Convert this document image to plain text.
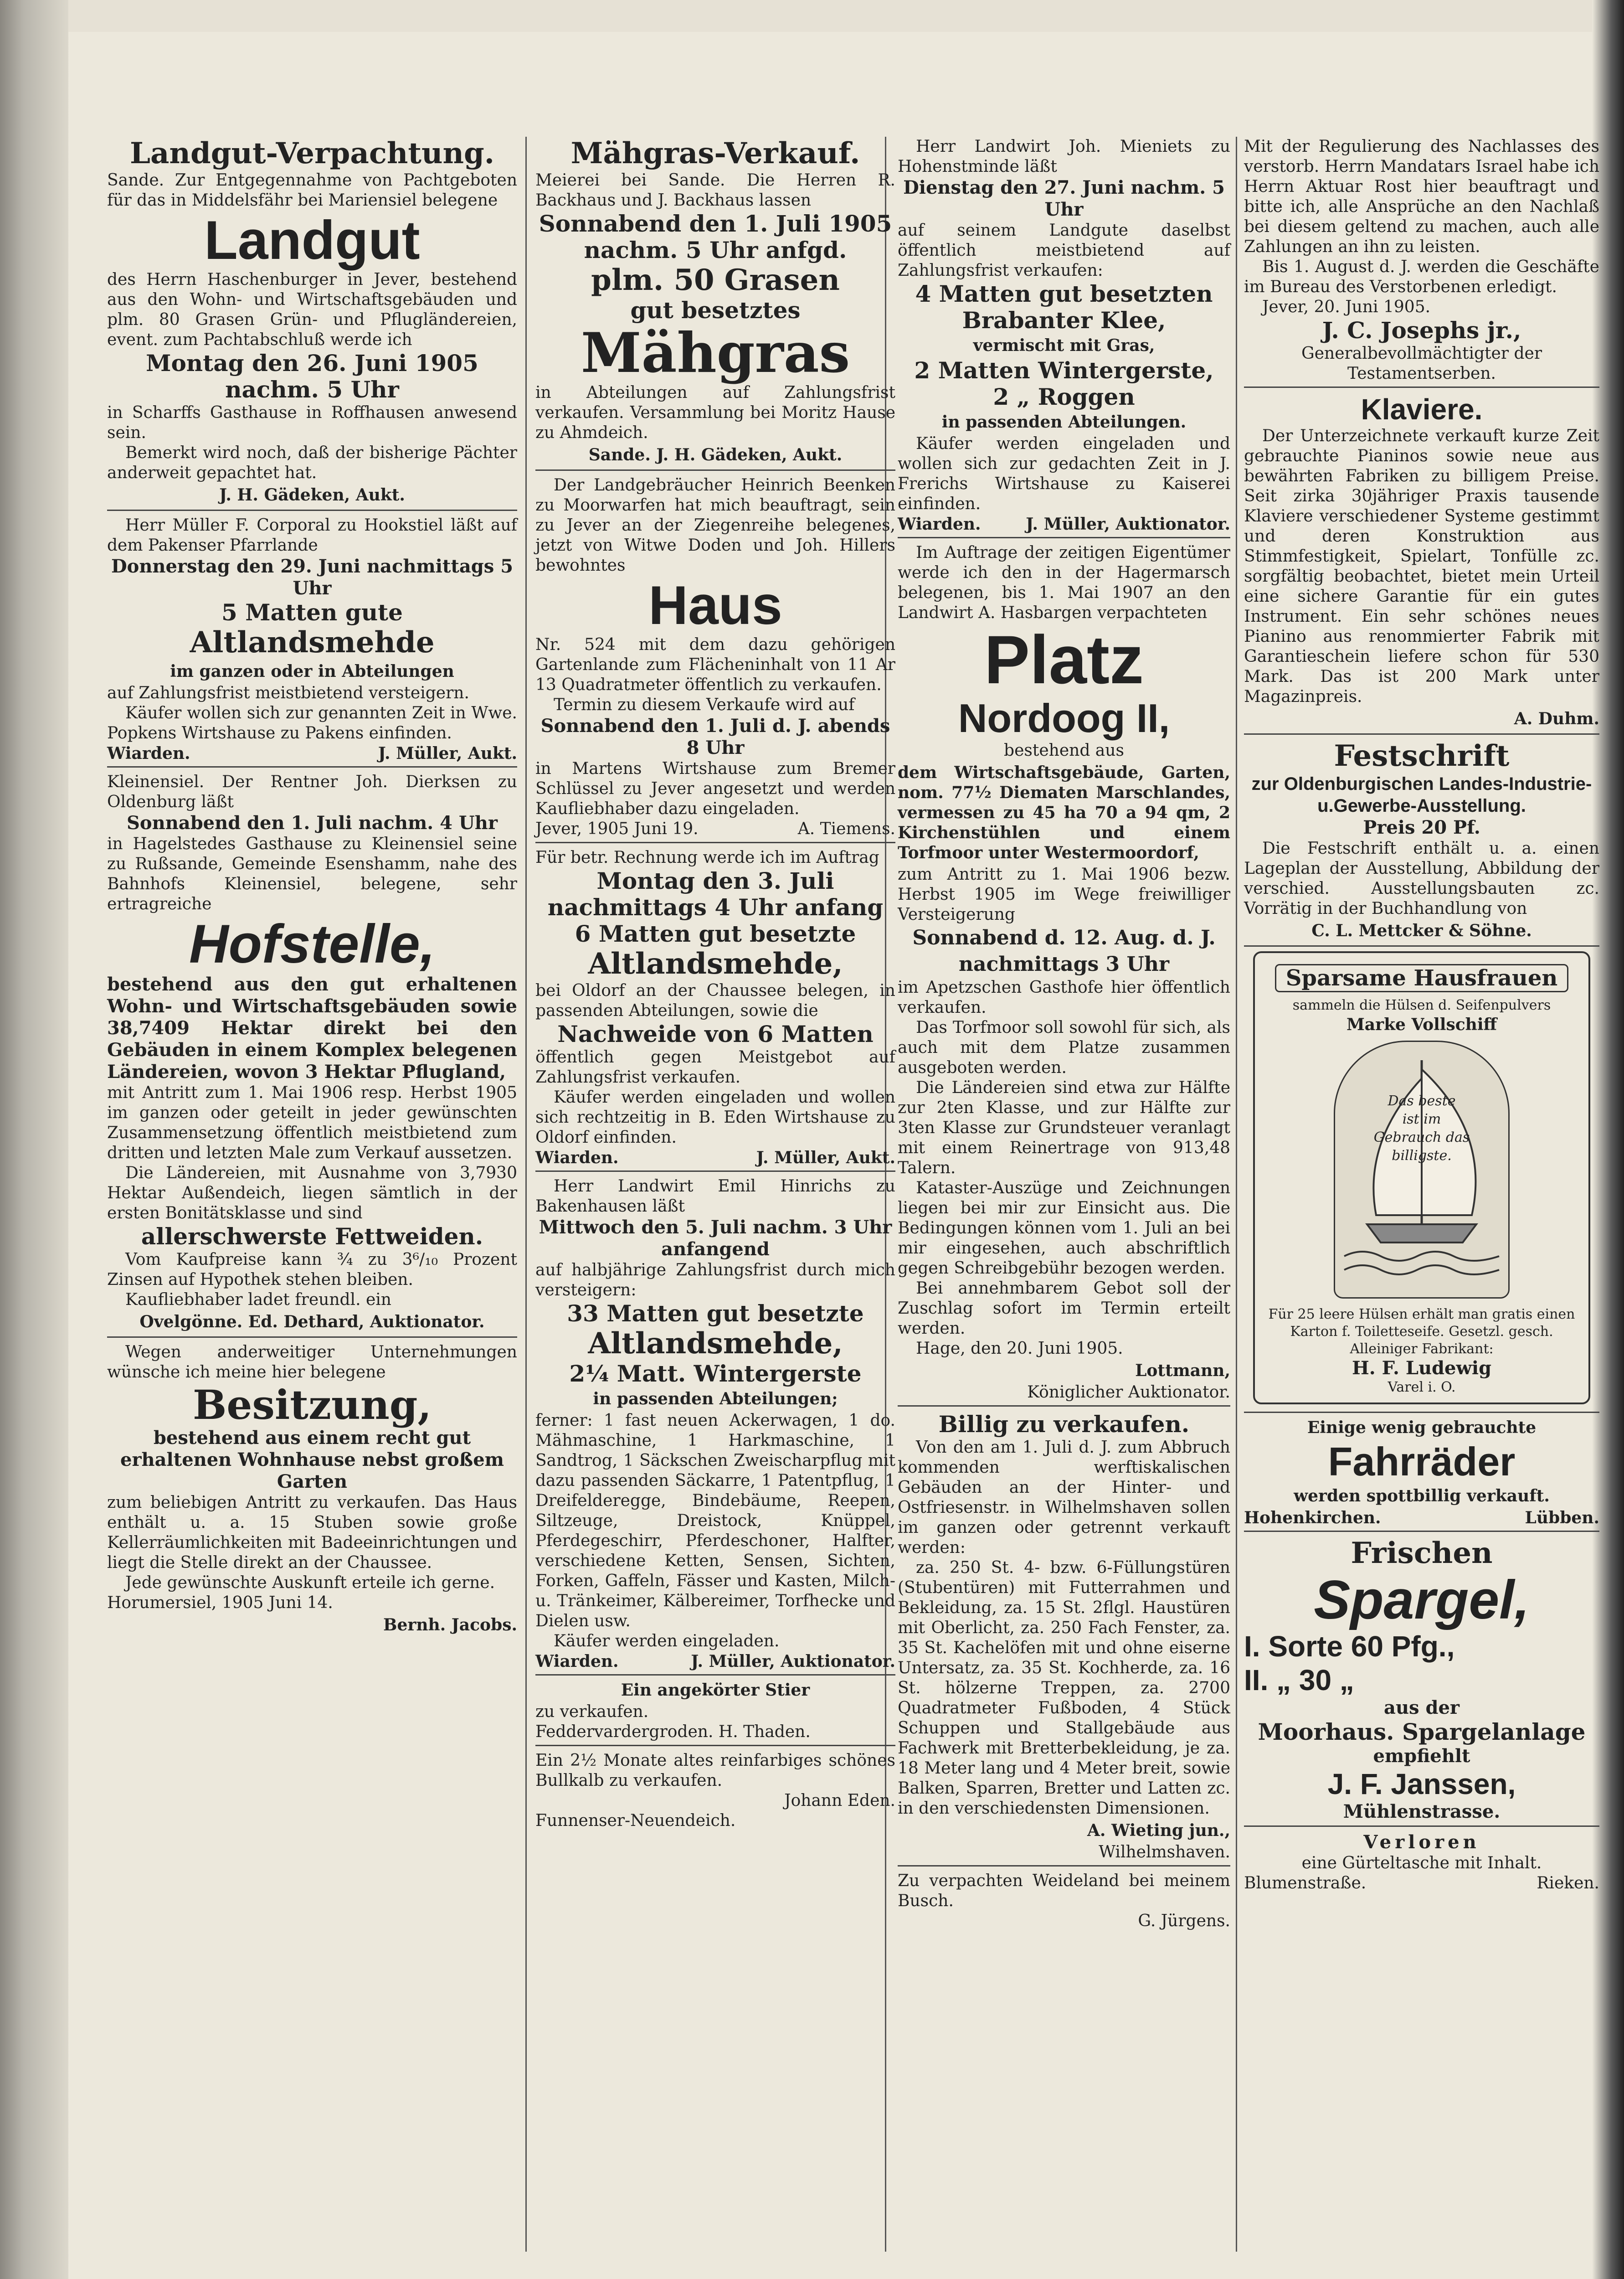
Landgut-Verpachtung.
Sande. Zur Entgegennahme von Pachtgeboten für das in Middelsfähr bei Mariensiel belegene
Landgut
des Herrn Haschenburger in Jever, bestehend aus den Wohn- und Wirtschaftsgebäuden und plm. 80 Grasen Grün- und Pflugländereien, event. zum Pachtabschluß werde ich
Montag den 26. Juni 1905
nachm. 5 Uhr
in Scharffs Gasthause in Roffhausen anwesend sein.
Bemerkt wird noch, daß der bisherige Pächter anderweit gepachtet hat.
J. H. Gädeken, Aukt.
Herr Müller F. Corporal zu Hookstiel läßt auf dem Pakenser Pfarrlande
Donnerstag den 29. Juni nachmittags 5 Uhr
5 Matten gute
Altlandsmehde
im ganzen oder in Abteilungen
auf Zahlungsfrist meistbietend versteigern.
Käufer wollen sich zur genannten Zeit in Wwe. Popkens Wirtshause zu Pakens einfinden.
Wiarden.	J. Müller, Aukt.
Kleinensiel. Der Rentner Joh. Dierksen zu Oldenburg läßt
Sonnabend den 1. Juli nachm. 4 Uhr
in Hagelstedes Gasthause zu Kleinensiel seine zu Rußsande, Gemeinde Esenshamm, nahe des Bahnhofs Kleinensiel, belegene, sehr ertragreiche
Hofstelle,
bestehend aus den gut erhaltenen Wohn- und Wirtschaftsgebäuden sowie 38,7409 Hektar direkt bei den Gebäuden in einem Komplex belegenen Ländereien, wovon 3 Hektar Pflugland,
mit Antritt zum 1. Mai 1906 resp. Herbst 1905 im ganzen oder geteilt in jeder gewünschten Zusammensetzung öffentlich meistbietend zum dritten und letzten Male zum Verkauf aussetzen.
Die Ländereien, mit Ausnahme von 3,7930 Hektar Außendeich, liegen sämtlich in der ersten Bonitätsklasse und sind
allerschwerste Fettweiden.
Vom Kaufpreise kann ¾ zu 3⁶/₁₀ Prozent Zinsen auf Hypothek stehen bleiben.
Kaufliebhaber ladet freundl. ein
Ovelgönne. Ed. Dethard, Auktionator.
Wegen anderweitiger Unternehmungen wünsche ich meine hier belegene
Besitzung,
bestehend aus einem recht gut erhaltenen Wohnhause nebst großem Garten
zum beliebigen Antritt zu verkaufen. Das Haus enthält u. a. 15 Stuben sowie große Kellerräumlichkeiten mit Badeeinrichtungen und liegt die Stelle direkt an der Chaussee.
Jede gewünschte Auskunft erteile ich gerne.
Horumersiel, 1905 Juni 14.
Bernh. Jacobs.
Mähgras-Verkauf.
Meierei bei Sande. Die Herren R. Backhaus und J. Backhaus lassen
Sonnabend den 1. Juli 1905
nachm. 5 Uhr anfgd.
plm. 50 Grasen
gut besetztes
Mähgras
in Abteilungen auf Zahlungsfrist verkaufen. Versammlung bei Moritz Hause zu Ahmdeich.
Sande. J. H. Gädeken, Aukt.
Der Landgebräucher Heinrich Beenken zu Moorwarfen hat mich beauftragt, sein zu Jever an der Ziegenreihe belegenes, jetzt von Witwe Doden und Joh. Hillers bewohntes
Haus
Nr. 524 mit dem dazu gehörigen Gartenlande zum Flächeninhalt von 11 Ar 13 Quadratmeter öffentlich zu verkaufen.
Termin zu diesem Verkaufe wird auf
Sonnabend den 1. Juli d. J. abends 8 Uhr
in Martens Wirtshause zum Bremer Schlüssel zu Jever angesetzt und werden Kaufliebhaber dazu eingeladen.
Jever, 1905 Juni 19.	A. Tiemens.
Für betr. Rechnung werde ich im Auftrag
Montag den 3. Juli
nachmittags 4 Uhr anfang
6 Matten gut besetzte
Altlandsmehde,
bei Oldorf an der Chaussee belegen, in passenden Abteilungen, sowie die
Nachweide von 6 Matten
öffentlich gegen Meistgebot auf Zahlungsfrist verkaufen.
Käufer werden eingeladen und wollen sich rechtzeitig in B. Eden Wirtshause zu Oldorf einfinden.
Wiarden.	J. Müller, Aukt.
Herr Landwirt Emil Hinrichs zu Bakenhausen läßt
Mittwoch den 5. Juli nachm. 3 Uhr anfangend
auf halbjährige Zahlungsfrist durch mich versteigern:
33 Matten gut besetzte
Altlandsmehde,
2¼ Matt. Wintergerste
in passenden Abteilungen;
ferner: 1 fast neuen Ackerwagen, 1 do. Mähmaschine, 1 Harkmaschine, 1 Sandtrog, 1 Säckschen Zweischarpflug mit dazu passenden Säckarre, 1 Patentpflug, 1 Dreifelderegge, Bindebäume, Reepen, Siltzeuge, Dreistock, Knüppel, Pferdegeschirr, Pferdeschoner, Halfter, verschiedene Ketten, Sensen, Sichten, Forken, Gaffeln, Fässer und Kasten, Milch- u. Tränkeimer, Kälbereimer, Torfhecke und Dielen usw.
Käufer werden eingeladen.
Wiarden.	J. Müller, Auktionator.
Ein angekörter Stier
zu verkaufen.
Feddervardergroden. H. Thaden.
Ein 2½ Monate altes reinfarbiges schönes Bullkalb zu verkaufen.
Johann Eden.
Funnenser-Neuendeich.
Herr Landwirt Joh. Mieniets zu Hohenstminde läßt
Dienstag den 27. Juni nachm. 5 Uhr
auf seinem Landgute daselbst öffentlich meistbietend auf Zahlungsfrist verkaufen:
4 Matten gut besetzten
Brabanter Klee,
vermischt mit Gras,
2 Matten Wintergerste,
2 „ Roggen
in passenden Abteilungen.
Käufer werden eingeladen und wollen sich zur gedachten Zeit in J. Frerichs Wirtshause zu Kaiserei einfinden.
Wiarden.	J. Müller, Auktionator.
Im Auftrage der zeitigen Eigentümer werde ich den in der Hagermarsch belegenen, bis 1. Mai 1907 an den Landwirt A. Hasbargen verpachteten
Platz
Nordoog II,
bestehend aus
dem Wirtschaftsgebäude, Garten, nom. 77½ Diematen Marschlandes, vermessen zu 45 ha 70 a 94 qm, 2 Kirchenstühlen und einem Torfmoor unter Westermoordorf,
zum Antritt zu 1. Mai 1906 bezw. Herbst 1905 im Wege freiwilliger Versteigerung
Sonnabend d. 12. Aug. d. J.
nachmittags 3 Uhr
im Apetzschen Gasthofe hier öffentlich verkaufen.
Das Torfmoor soll sowohl für sich, als auch mit dem Platze zusammen ausgeboten werden.
Die Ländereien sind etwa zur Hälfte zur 2ten Klasse, und zur Hälfte zur 3ten Klasse zur Grundsteuer veranlagt mit einem Reinertrage von 913,48 Talern.
Kataster-Auszüge und Zeichnungen liegen bei mir zur Einsicht aus. Die Bedingungen können vom 1. Juli an bei mir eingesehen, auch abschriftlich gegen Schreibgebühr bezogen werden.
Bei annehmbarem Gebot soll der Zuschlag sofort im Termin erteilt werden.
Hage, den 20. Juni 1905.
Lottmann,
Königlicher Auktionator.
Billig zu verkaufen.
Von den am 1. Juli d. J. zum Abbruch kommenden werftiskalischen Gebäuden an der Hinter- und Ostfriesenstr. in Wilhelmshaven sollen im ganzen oder getrennt verkauft werden:
za. 250 St. 4- bzw. 6-Füllungstüren (Stubentüren) mit Futterrahmen und Bekleidung, za. 15 St. 2flgl. Haustüren mit Oberlicht, za. 250 Fach Fenster, za. 35 St. Kachelöfen mit und ohne eiserne Untersatz, za. 35 St. Kochherde, za. 16 St. hölzerne Treppen, za. 2700 Quadratmeter Fußboden, 4 Stück Schuppen und Stallgebäude aus Fachwerk mit Bretterbekleidung, je za. 18 Meter lang und 4 Meter breit, sowie Balken, Sparren, Bretter und Latten zc. in den verschiedensten Dimensionen.
A. Wieting jun.,
Wilhelmshaven.
Zu verpachten Weideland bei meinem Busch.
G. Jürgens.
Mit der Regulierung des Nachlasses des verstorb. Herrn Mandatars Israel habe ich Herrn Aktuar Rost hier beauftragt und bitte ich, alle Ansprüche an den Nachlaß bei diesem geltend zu machen, auch alle Zahlungen an ihn zu leisten.
Bis 1. August d. J. werden die Geschäfte im Bureau des Verstorbenen erledigt.
Jever, 20. Juni 1905.
J. C. Josephs jr.,
Generalbevollmächtigter der Testamentserben.
Klaviere.
Der Unterzeichnete verkauft kurze Zeit gebrauchte Pianinos sowie neue aus bewährten Fabriken zu billigem Preise. Seit zirka 30jähriger Praxis tausende Klaviere verschiedener Systeme gestimmt und deren Konstruktion aus Stimmfestigkeit, Spielart, Tonfülle zc. sorgfältig beobachtet, bietet mein Urteil eine sichere Garantie für ein gutes Instrument. Ein sehr schönes neues Pianino aus renommierter Fabrik mit Garantieschein liefere schon für 530 Mark. Das ist 200 Mark unter Magazinpreis.
A. Duhm.
Festschrift
zur Oldenburgischen Landes-Industrie-u.Gewerbe-Ausstellung.
Preis 20 Pf.
Die Festschrift enthält u. a. einen Lageplan der Ausstellung, Abbildung der verschied. Ausstellungsbauten zc. Vorrätig in der Buchhandlung von
C. L. Mettcker & Söhne.
Sparsame Hausfrauen
sammeln die Hülsen d. Seifenpulvers
Marke Vollschiff
Das beste
ist im
Gebrauch das
billigste.
Für 25 leere Hülsen erhält man gratis einen Karton f. Toiletteseife. Gesetzl. gesch.
Alleiniger Fabrikant:
H. F. Ludewig
Varel i. O.
Einige wenig gebrauchte
Fahrräder
werden spottbillig verkauft.
Hohenkirchen.	Lübben.
Frischen
Spargel,
I. Sorte 60 Pfg.,
II. „ 30 „
aus der
Moorhaus. Spargelanlage
empfiehlt
J. F. Janssen,
Mühlenstrasse.
Verloren
eine Gürteltasche mit Inhalt.
Blumenstraße.	Rieken.
